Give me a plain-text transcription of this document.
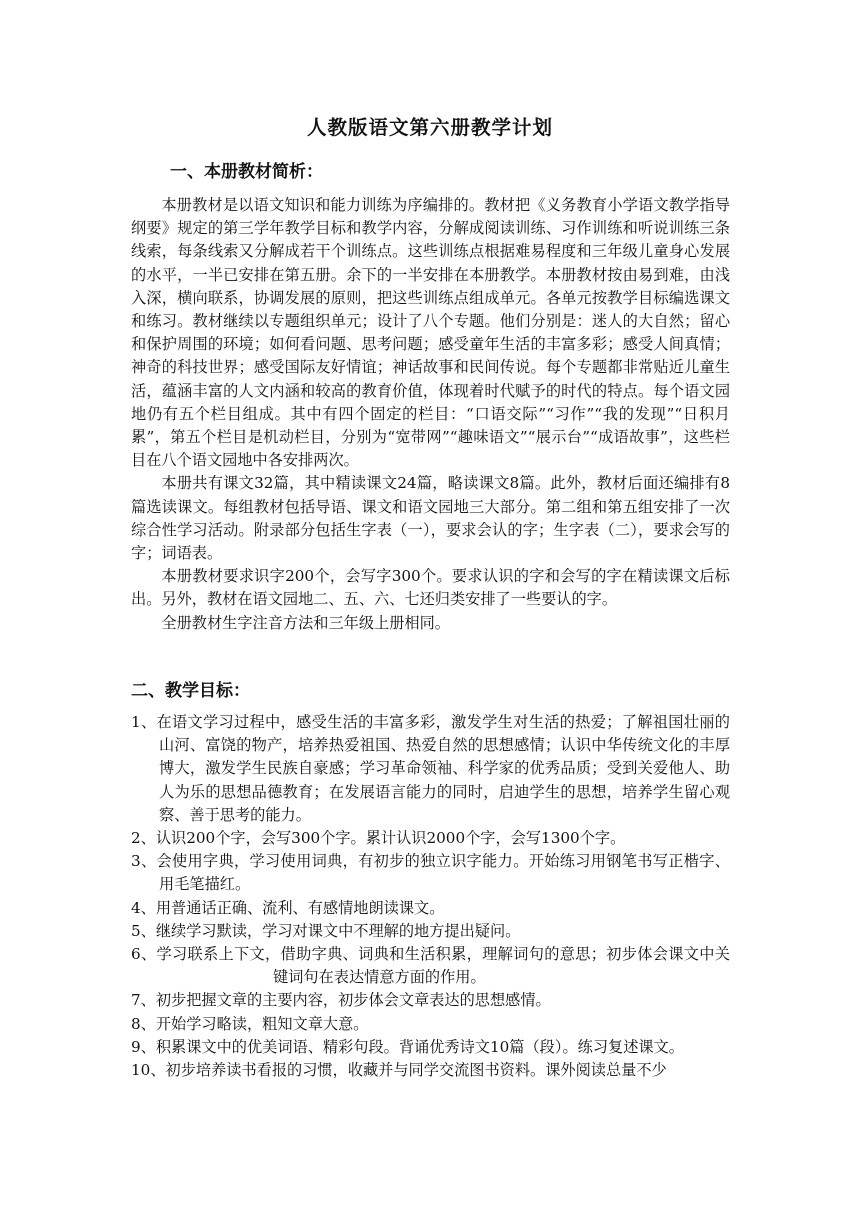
人教版语文第六册教学计划
一、本册教材简析：

本册教材是以语文知识和能力训练为序编排的。教材把《义务教育小学语文教学指导纲要》规定的第三学年教学目标和教学内容，分解成阅读训练、习作训练和听说训练三条线索，每条线索又分解成若干个训练点。这些训练点根据难易程度和三年级儿童身心发展的水平，一半已安排在第五册。余下的一半安排在本册教学。本册教材按由易到难，由浅入深，横向联系，协调发展的原则，把这些训练点组成单元。各单元按教学目标编选课文和练习。教材继续以专题组织单元；设计了八个专题。他们分别是：迷人的大自然；留心和保护周围的环境；如何看问题、思考问题；感受童年生活的丰富多彩；感受人间真情；神奇的科技世界；感受国际友好情谊；神话故事和民间传说。每个专题都非常贴近儿童生活，蕴涵丰富的人文内涵和较高的教育价值，体现着时代赋予的时代的特点。每个语文园地仍有五个栏目组成。其中有四个固定的栏目：“口语交际”“习作”“我的发现”“日积月累”，第五个栏目是机动栏目，分别为“宽带网”“趣味语文”“展示台”“成语故事”，这些栏目在八个语文园地中各安排两次。

本册共有课文32篇，其中精读课文24篇，略读课文8篇。此外，教材后面还编排有8篇选读课文。每组教材包括导语、课文和语文园地三大部分。第二组和第五组安排了一次综合性学习活动。附录部分包括生字表（一），要求会认的字；生字表（二），要求会写的字；词语表。

本册教材要求识字200个，会写字300个。要求认识的字和会写的字在精读课文后标出。另外，教材在语文园地二、五、六、七还归类安排了一些要认的字。

全册教材生字注音方法和三年级上册相同。

二、教学目标：
1、在语文学习过程中，感受生活的丰富多彩，激发学生对生活的热爱；了解祖国壮丽的山河、富饶的物产，培养热爱祖国、热爱自然的思想感情；认识中华传统文化的丰厚博大，激发学生民族自豪感；学习革命领袖、科学家的优秀品质；受到关爱他人、助人为乐的思想品德教育；在发展语言能力的同时，启迪学生的思想，培养学生留心观察、善于思考的能力。
2、认识200个字，会写300个字。累计认识2000个字，会写1300个字。
3、会使用字典，学习使用词典，有初步的独立识字能力。开始练习用钢笔书写正楷字、用毛笔描红。
4、用普通话正确、流利、有感情地朗读课文。
5、继续学习默读，学习对课文中不理解的地方提出疑问。
6、学习联系上下文，借助字典、词典和生活积累，理解词句的意思；初步体会课文中关键词句在表达情意方面的作用。
7、初步把握文章的主要内容，初步体会文章表达的思想感情。
8、开始学习略读，粗知文章大意。
9、积累课文中的优美词语、精彩句段。背诵优秀诗文10篇（段）。练习复述课文。
10、初步培养读书看报的习惯，收藏并与同学交流图书资料。课外阅读总量不少
